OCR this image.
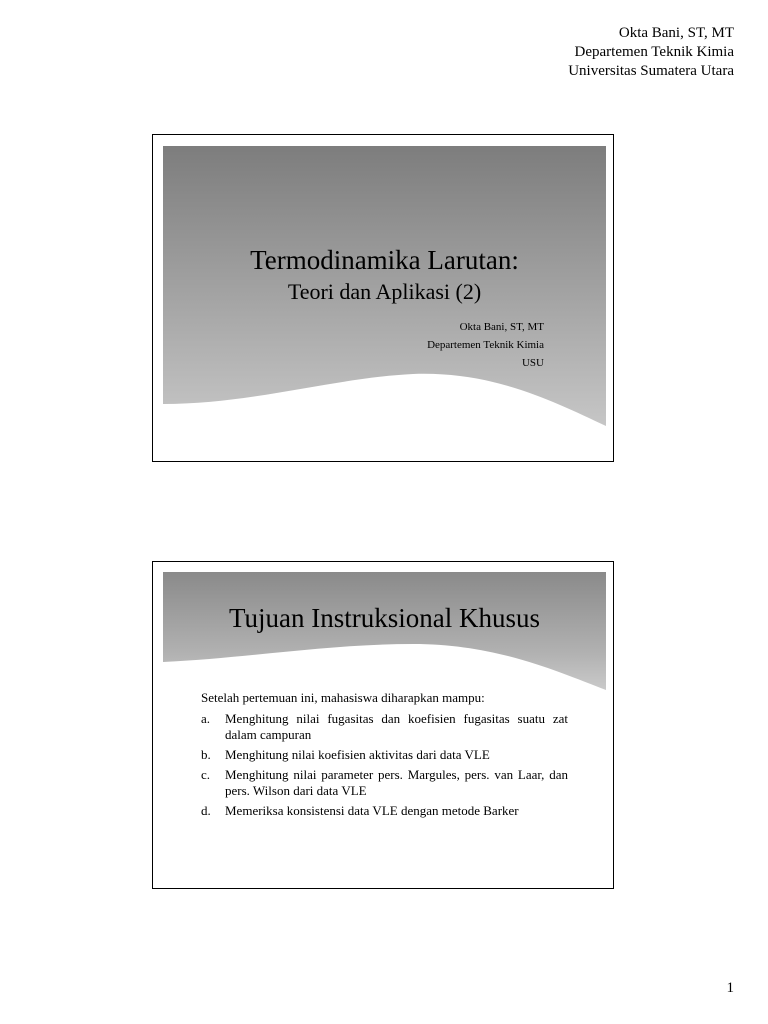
Okta Bani, ST, MT
Departemen Teknik Kimia
Universitas Sumatera Utara
Termodinamika Larutan:
Teori dan Aplikasi (2)
Okta Bani, ST, MT
Departemen Teknik Kimia
USU
Tujuan Instruksional Khusus

Setelah pertemuan ini, mahasiswa diharapkan mampu:

a.	Menghitung nilai fugasitas dan koefisien fugasitas suatu zat dalam campuran
b.	Menghitung nilai koefisien aktivitas dari data VLE
c.	Menghitung nilai parameter pers. Margules, pers. van Laar, dan pers. Wilson dari data VLE
d.	Memeriksa konsistensi data VLE dengan metode Barker
1
